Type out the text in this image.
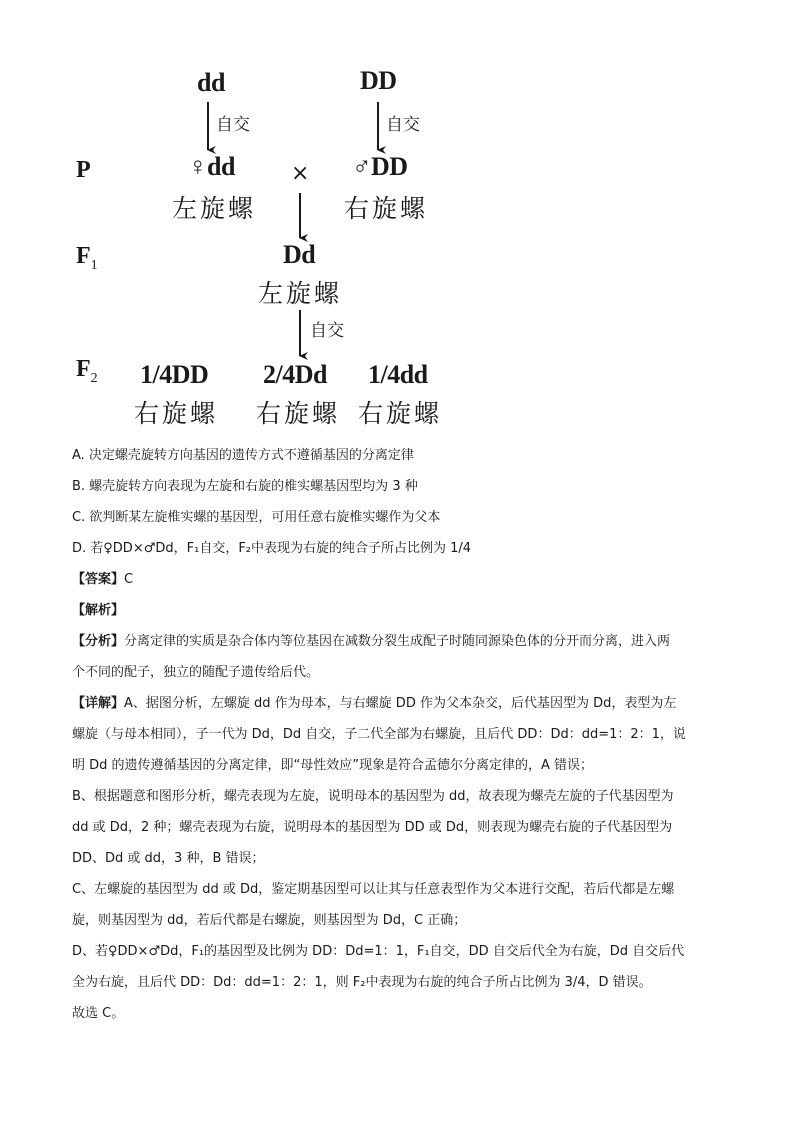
dd	DD
自交	自交
P	♀dd	× ♂DD
左旋螺	右旋螺
$F_1$	Dd
左旋螺
自交
$F_2$ 1/4DD 2/4Dd 1/4dd
右旋螺 右旋螺 右旋螺
A. 决定螺壳旋转方向基因的遗传方式不遵循基因的分离定律
B. 螺壳旋转方向表现为左旋和右旋的椎实螺基因型均为 3 种
C. 欲判断某左旋椎实螺的基因型，可用任意右旋椎实螺作为父本
D. 若♀DD×♂Dd，F₁自交，F₂中表现为右旋的纯合子所占比例为 1/4
【答案】C
【解析】
【分析】分离定律的实质是杂合体内等位基因在减数分裂生成配子时随同源染色体的分开而分离，进入两
个不同的配子，独立的随配子遗传给后代。
【详解】A、据图分析，左螺旋 dd 作为母本，与右螺旋 DD 作为父本杂交，后代基因型为 Dd，表型为左
螺旋（与母本相同），子一代为 Dd，Dd 自交，子二代全部为右螺旋，且后代 DD：Dd：dd=1：2：1，说
明 Dd 的遗传遵循基因的分离定律，即“母性效应”现象是符合孟德尔分离定律的，A 错误；
B、根据题意和图形分析，螺壳表现为左旋，说明母本的基因型为 dd，故表现为螺壳左旋的子代基因型为
dd 或 Dd，2 种；螺壳表现为右旋，说明母本的基因型为 DD 或 Dd，则表现为螺壳右旋的子代基因型为
DD、Dd 或 dd，3 种，B 错误；
C、左螺旋的基因型为 dd 或 Dd，鉴定期基因型可以让其与任意表型作为父本进行交配，若后代都是左螺
旋，则基因型为 dd，若后代都是右螺旋，则基因型为 Dd，C 正确；
D、若♀DD×♂Dd，F₁的基因型及比例为 DD：Dd=1：1，F₁自交，DD 自交后代全为右旋，Dd 自交后代
全为右旋，且后代 DD：Dd：dd=1：2：1，则 F₂中表现为右旋的纯合子所占比例为 3/4，D 错误。
故选 C。
